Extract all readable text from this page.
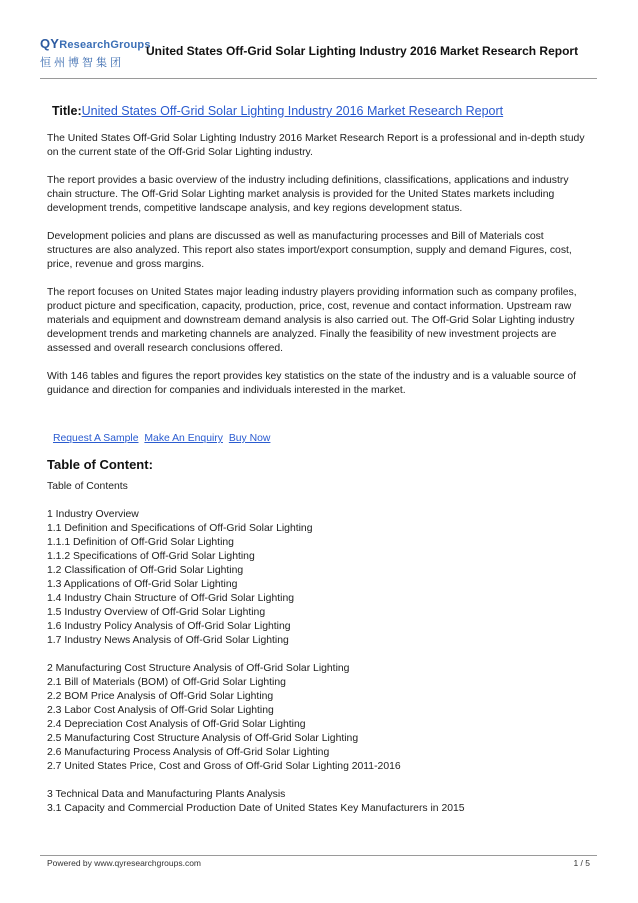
QYResearchGroups
恒州博智集团
United States Off-Grid Solar Lighting Industry 2016 Market Research Report
Title:United States Off-Grid Solar Lighting Industry 2016 Market Research Report

The United States Off-Grid Solar Lighting Industry 2016 Market Research Report is a professional and in-depth study on the current state of the Off-Grid Solar Lighting industry.

The report provides a basic overview of the industry including definitions, classifications, applications and industry chain structure. The Off-Grid Solar Lighting market analysis is provided for the United States markets including development trends, competitive landscape analysis, and key regions development status.

Development policies and plans are discussed as well as manufacturing processes and Bill of Materials cost structures are also analyzed. This report also states import/export consumption, supply and demand Figures, cost, price, revenue and gross margins.

The report focuses on United States major leading industry players providing information such as company profiles, product picture and specification, capacity, production, price, cost, revenue and contact information. Upstream raw materials and equipment and downstream demand analysis is also carried out. The Off-Grid Solar Lighting industry development trends and marketing channels are analyzed. Finally the feasibility of new investment projects are assessed and overall research conclusions offered.

With 146 tables and figures the report provides key statistics on the state of the industry and is a valuable source of guidance and direction for companies and individuals interested in the market.

Request A Sample Make An Enquiry Buy Now
Table of Content:
Table of Contents
1 Industry Overview
1.1 Definition and Specifications of Off-Grid Solar Lighting
1.1.1 Definition of Off-Grid Solar Lighting
1.1.2 Specifications of Off-Grid Solar Lighting
1.2 Classification of Off-Grid Solar Lighting
1.3 Applications of Off-Grid Solar Lighting
1.4 Industry Chain Structure of Off-Grid Solar Lighting
1.5 Industry Overview of Off-Grid Solar Lighting
1.6 Industry Policy Analysis of Off-Grid Solar Lighting
1.7 Industry News Analysis of Off-Grid Solar Lighting
2 Manufacturing Cost Structure Analysis of Off-Grid Solar Lighting
2.1 Bill of Materials (BOM) of Off-Grid Solar Lighting
2.2 BOM Price Analysis of Off-Grid Solar Lighting
2.3 Labor Cost Analysis of Off-Grid Solar Lighting
2.4 Depreciation Cost Analysis of Off-Grid Solar Lighting
2.5 Manufacturing Cost Structure Analysis of Off-Grid Solar Lighting
2.6 Manufacturing Process Analysis of Off-Grid Solar Lighting
2.7 United States Price, Cost and Gross of Off-Grid Solar Lighting 2011-2016
3 Technical Data and Manufacturing Plants Analysis
3.1 Capacity and Commercial Production Date of United States Key Manufacturers in 2015
Powered by www.qyresearchgroups.com	1 / 5
